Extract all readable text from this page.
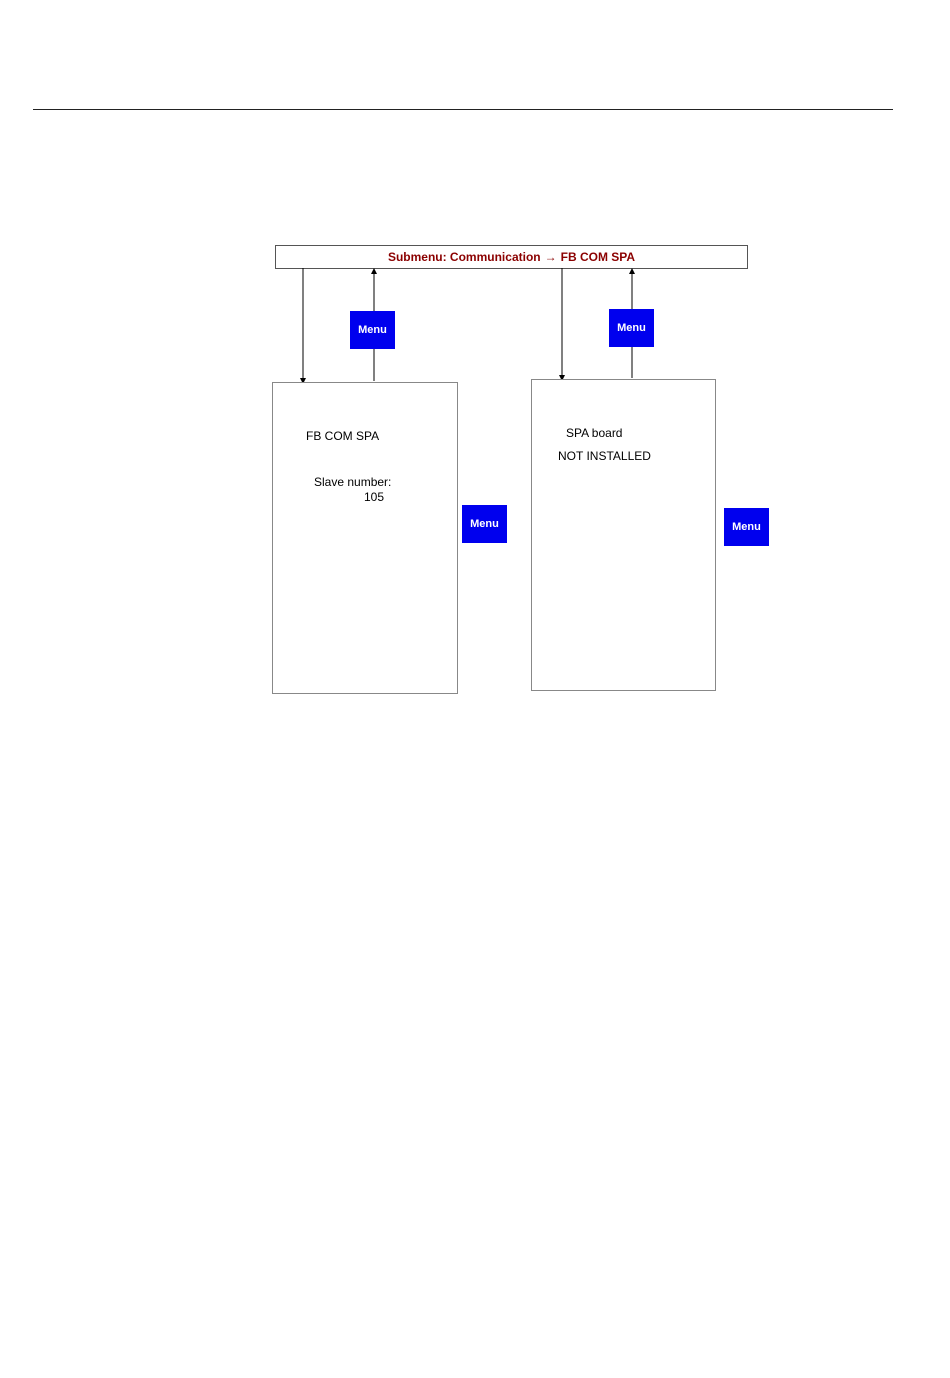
Submenu: Communication → FB COM SPA
FB COM SPA
Slave number:
105
SPA board
NOT INSTALLED
Menu	Menu
Menu	Menu
